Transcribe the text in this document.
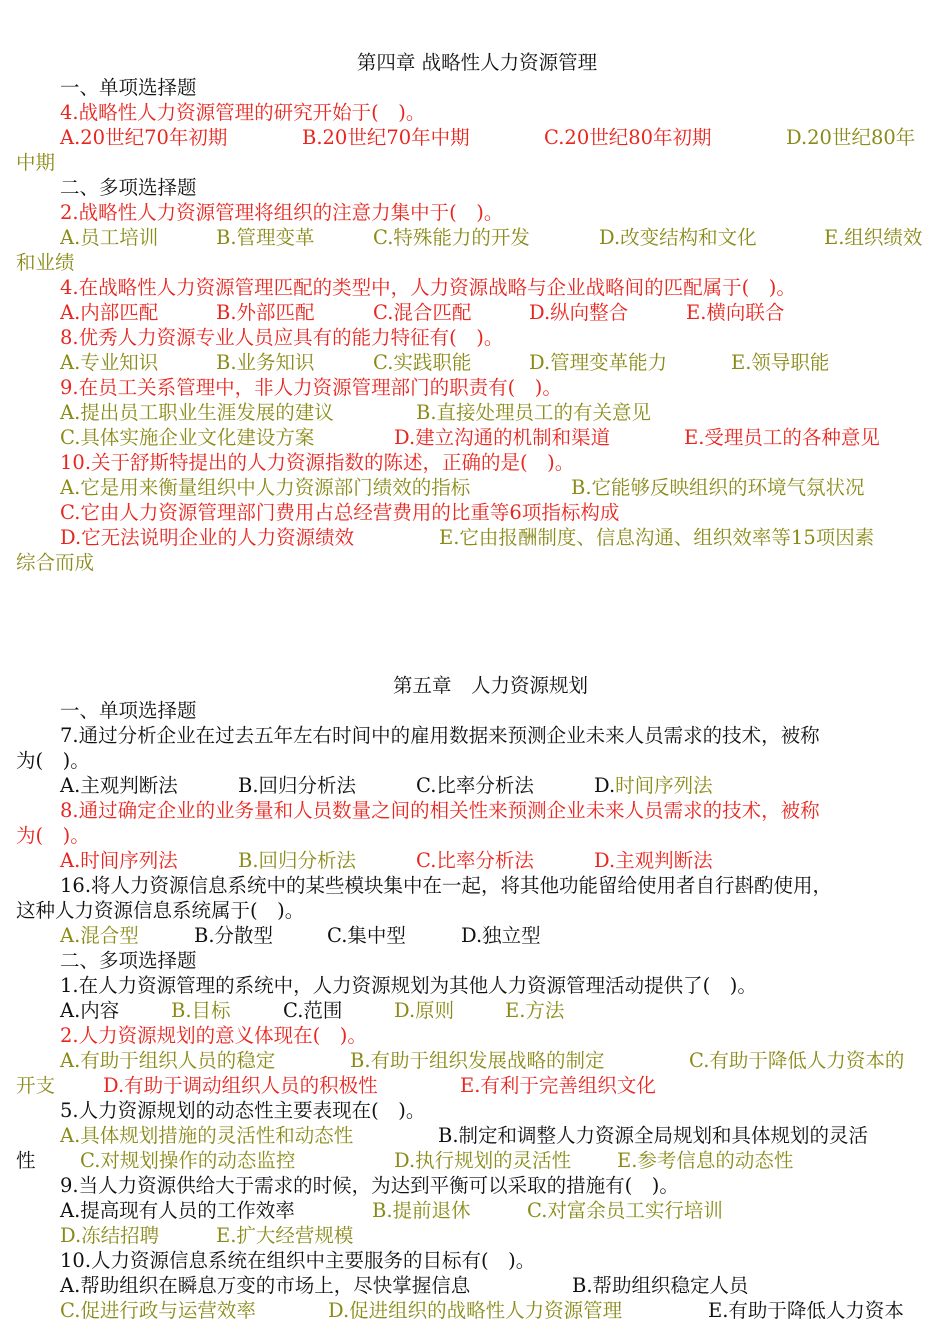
第四章 战略性人力资源管理
一、单项选择题
4.战略性人力资源管理的研究开始于(　)。
A.20世纪70年初期	B.20世纪70年中期	C.20世纪80年初期	D.20世纪80年
中期
二、多项选择题
2.战略性人力资源管理将组织的注意力集中于(　)。
A.员工培训	B.管理变革	C.特殊能力的开发	D.改变结构和文化	E.组织绩效
和业绩
4.在战略性人力资源管理匹配的类型中，人力资源战略与企业战略间的匹配属于(　)。
A.内部匹配	B.外部匹配	C.混合匹配	D.纵向整合	E.横向联合
8.优秀人力资源专业人员应具有的能力特征有(　)。
A.专业知识	B.业务知识	C.实践职能	D.管理变革能力	E.领导职能
9.在员工关系管理中，非人力资源管理部门的职责有(　)。
A.提出员工职业生涯发展的建议	B.直接处理员工的有关意见
C.具体实施企业文化建设方案	D.建立沟通的机制和渠道	E.受理员工的各种意见
10.关于舒斯特提出的人力资源指数的陈述，正确的是(　)。
A.它是用来衡量组织中人力资源部门绩效的指标	B.它能够反映组织的环境气氛状况
C.它由人力资源管理部门费用占总经营费用的比重等6项指标构成
D.它无法说明企业的人力资源绩效	E.它由报酬制度、信息沟通、组织效率等15项因素
综合而成
第五章　人力资源规划
一、单项选择题
7.通过分析企业在过去五年左右时间中的雇用数据来预测企业未来人员需求的技术，被称
为(　)。
A.主观判断法	B.回归分析法	C.比率分析法	D.时间序列法
8.通过确定企业的业务量和人员数量之间的相关性来预测企业未来人员需求的技术，被称
为(　)。
A.时间序列法	B.回归分析法	C.比率分析法	D.主观判断法
16.将人力资源信息系统中的某些模块集中在一起，将其他功能留给使用者自行斟酌使用，
这种人力资源信息系统属于(　)。
A.混合型	B.分散型	C.集中型	D.独立型
二、多项选择题
1.在人力资源管理的系统中，人力资源规划为其他人力资源管理活动提供了(　)。
A.内容	B.目标	C.范围	D.原则	E.方法
2.人力资源规划的意义体现在(　)。
A.有助于组织人员的稳定	B.有助于组织发展战略的制定	C.有助于降低人力资本的
开支 D.有助于调动组织人员的积极性	E.有利于完善组织文化
5.人力资源规划的动态性主要表现在(　)。
A.具体规划措施的灵活性和动态性	B.制定和调整人力资源全局规划和具体规划的灵活
性 C.对规划操作的动态监控	D.执行规划的灵活性 E.参考信息的动态性
9.当人力资源供给大于需求的时候，为达到平衡可以采取的措施有(　)。
A.提高现有人员的工作效率	B.提前退休	C.对富余员工实行培训
D.冻结招聘	E.扩大经营规模
10.人力资源信息系统在组织中主要服务的目标有(　)。
A.帮助组织在瞬息万变的市场上，尽快掌握信息	B.帮助组织稳定人员
C.促进行政与运营效率	D.促进组织的战略性人力资源管理	E.有助于降低人力资本
